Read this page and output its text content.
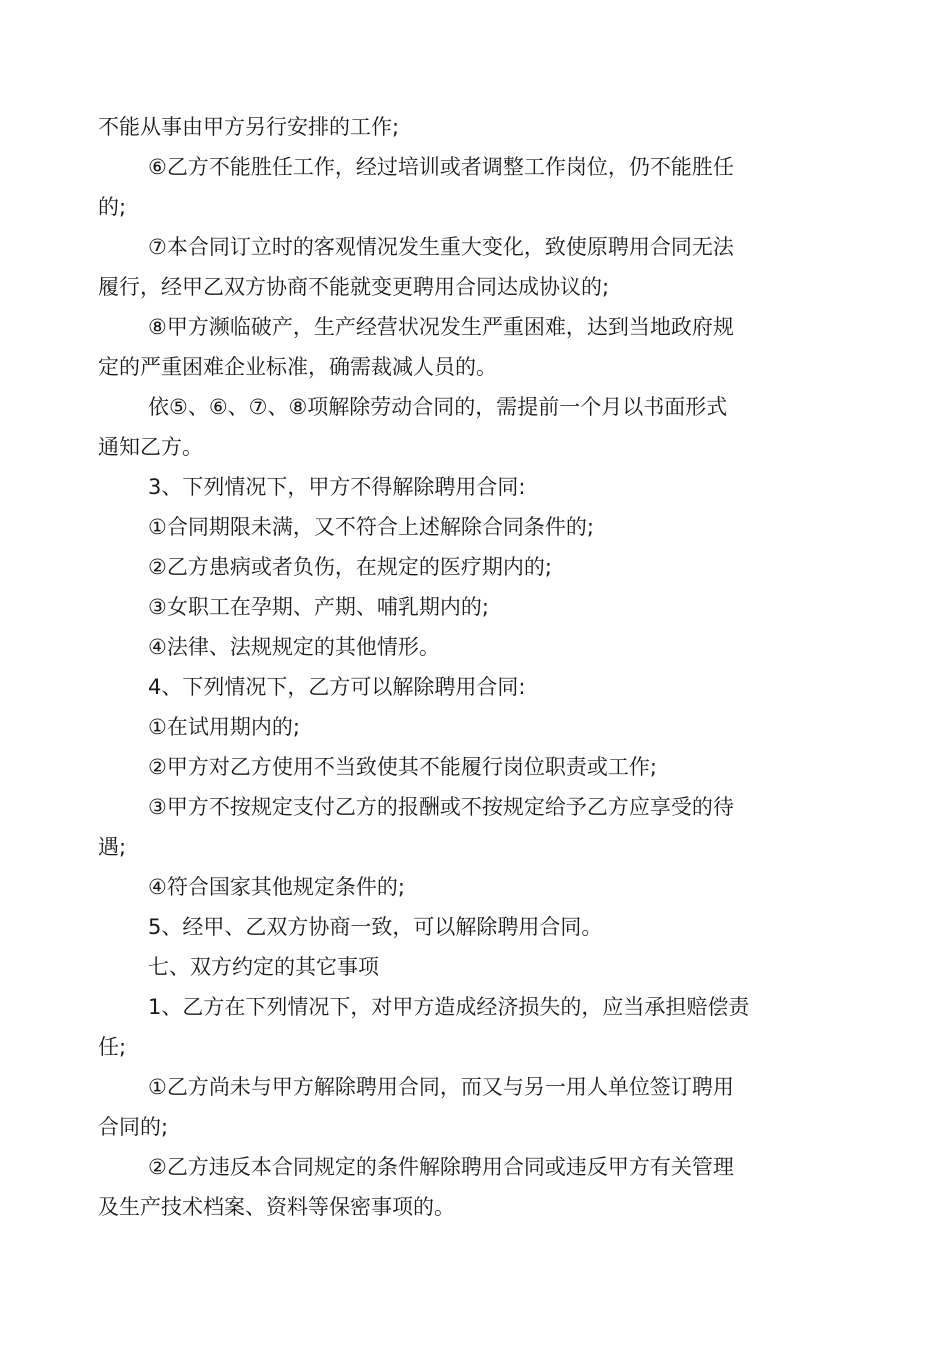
不能从事由甲方另行安排的工作;

⑥乙方不能胜任工作，经过培训或者调整工作岗位，仍不能胜任

的;

⑦本合同订立时的客观情况发生重大变化，致使原聘用合同无法

履行，经甲乙双方协商不能就变更聘用合同达成协议的;

⑧甲方濒临破产，生产经营状况发生严重困难，达到当地政府规

定的严重困难企业标准，确需裁减人员的。

依⑤、⑥、⑦、⑧项解除劳动合同的，需提前一个月以书面形式

通知乙方。

3、下列情况下，甲方不得解除聘用合同:

①合同期限未满，又不符合上述解除合同条件的;

②乙方患病或者负伤，在规定的医疗期内的;

③女职工在孕期、产期、哺乳期内的;

④法律、法规规定的其他情形。

4、下列情况下，乙方可以解除聘用合同:

①在试用期内的;

②甲方对乙方使用不当致使其不能履行岗位职责或工作;

③甲方不按规定支付乙方的报酬或不按规定给予乙方应享受的待

遇;

④符合国家其他规定条件的;

5、经甲、乙双方协商一致，可以解除聘用合同。

七、双方约定的其它事项

1、乙方在下列情况下，对甲方造成经济损失的，应当承担赔偿责

任;

①乙方尚未与甲方解除聘用合同，而又与另一用人单位签订聘用

合同的;

②乙方违反本合同规定的条件解除聘用合同或违反甲方有关管理

及生产技术档案、资料等保密事项的。
